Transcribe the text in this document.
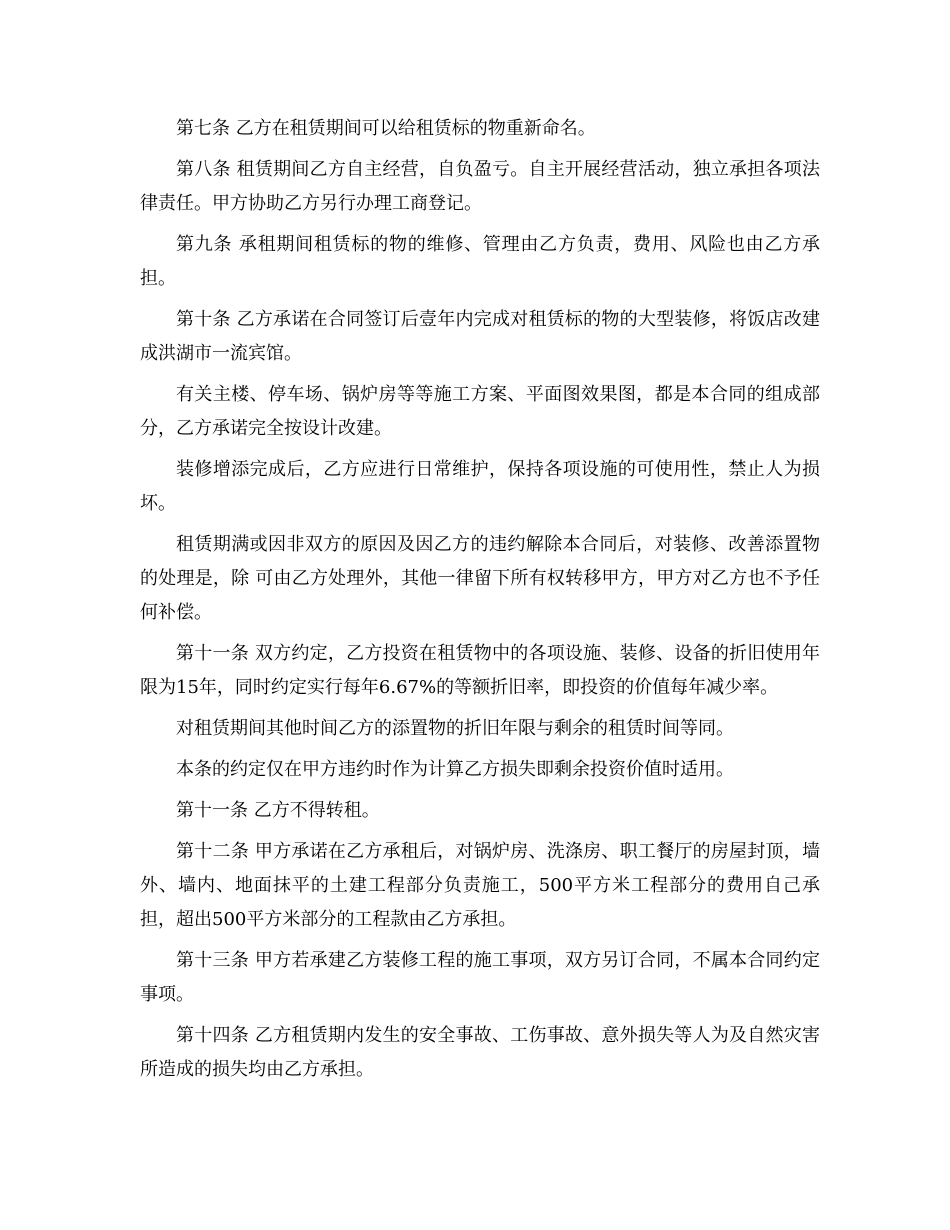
第七条 乙方在租赁期间可以给租赁标的物重新命名。

第八条 租赁期间乙方自主经营，自负盈亏。自主开展经营活动，独立承担各项法律责任。甲方协助乙方另行办理工商登记。

第九条 承租期间租赁标的物的维修、管理由乙方负责，费用、风险也由乙方承担。

第十条 乙方承诺在合同签订后壹年内完成对租赁标的物的大型装修，将饭店改建成洪湖市一流宾馆。

有关主楼、停车场、锅炉房等等施工方案、平面图效果图，都是本合同的组成部分，乙方承诺完全按设计改建。

装修增添完成后，乙方应进行日常维护，保持各项设施的可使用性，禁止人为损坏。

租赁期满或因非双方的原因及因乙方的违约解除本合同后，对装修、改善添置物的处理是，除 可由乙方处理外，其他一律留下所有权转移甲方，甲方对乙方也不予任何补偿。

第十一条 双方约定，乙方投资在租赁物中的各项设施、装修、设备的折旧使用年限为15年，同时约定实行每年6.67%的等额折旧率，即投资的价值每年减少率。

对租赁期间其他时间乙方的添置物的折旧年限与剩余的租赁时间等同。

本条的约定仅在甲方违约时作为计算乙方损失即剩余投资价值时适用。

第十一条 乙方不得转租。

第十二条 甲方承诺在乙方承租后，对锅炉房、洗涤房、职工餐厅的房屋封顶，墙外、墙内、地面抹平的土建工程部分负责施工，500平方米工程部分的费用自己承担，超出500平方米部分的工程款由乙方承担。

第十三条 甲方若承建乙方装修工程的施工事项，双方另订合同，不属本合同约定事项。

第十四条 乙方租赁期内发生的安全事故、工伤事故、意外损失等人为及自然灾害所造成的损失均由乙方承担。
